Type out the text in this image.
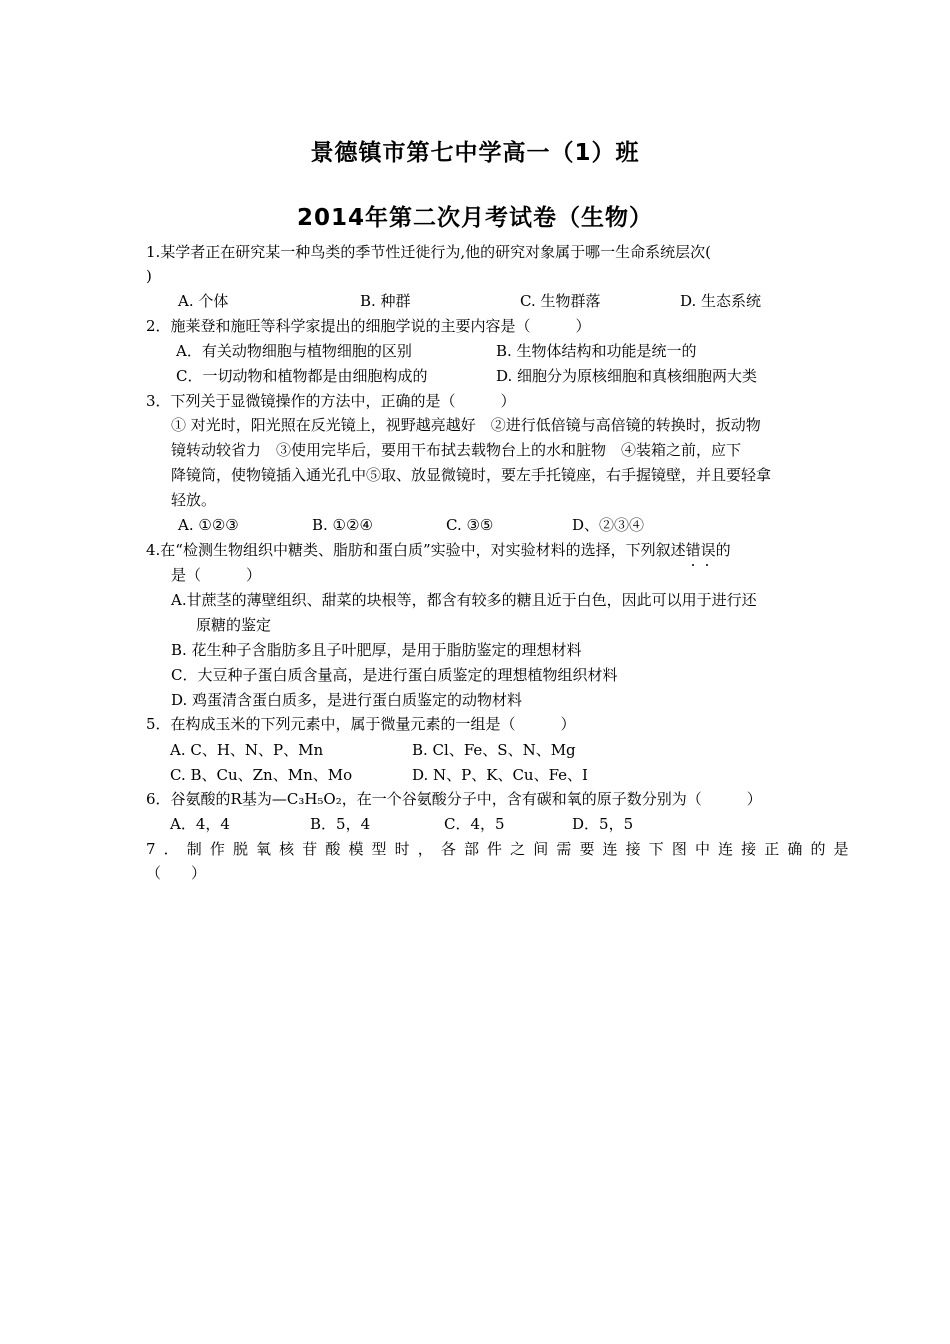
景德镇市第七中学高一（1）班
2014年第二次月考试卷（生物）
1.某学者正在研究某一种鸟类的季节性迁徙行为,他的研究对象属于哪一生命系统层次(
)
A. 个体	B. 种群	C. 生物群落	D. 生态系统
2．施莱登和施旺等科学家提出的细胞学说的主要内容是（　　　）
A．有关动物细胞与植物细胞的区别	B. 生物体结构和功能是统一的
C．一切动物和植物都是由细胞构成的	D. 细胞分为原核细胞和真核细胞两大类
3．下列关于显微镜操作的方法中，正确的是（　　　）
① 对光时，阳光照在反光镜上，视野越亮越好　②进行低倍镜与高倍镜的转换时，扳动物
镜转动较省力　③使用完毕后，要用干布拭去载物台上的水和脏物　④装箱之前，应下
降镜筒，使物镜插入通光孔中⑤取、放显微镜时，要左手托镜座，右手握镜壁，并且要轻拿
轻放。
A. ①②③	B. ①②④	C. ③⑤	D、②③④
4.在“检测生物组织中糖类、脂肪和蛋白质”实验中，对实验材料的选择，下列叙述错误的
是（　　　）
A.甘蔗茎的薄壁组织、甜菜的块根等，都含有较多的糖且近于白色，因此可以用于进行还
原糖的鉴定
B. 花生种子含脂肪多且子叶肥厚，是用于脂肪鉴定的理想材料
C．大豆种子蛋白质含量高，是进行蛋白质鉴定的理想植物组织材料
D. 鸡蛋清含蛋白质多，是进行蛋白质鉴定的动物材料
5．在构成玉米的下列元素中，属于微量元素的一组是（　　　）
A. C、H、N、P、Mn	B. Cl、Fe、S、N、Mg
C. B、Cu、Zn、Mn、Mo	D. N、P、K、Cu、Fe、I
6．谷氨酸的R基为—C₃H₅O₂，在一个谷氨酸分子中，含有碳和氧的原子数分别为（　　　）
A．4，4	B．5，4	C．4，5	D．5，5
7．制作脱氧核苷酸模型时，各部件之间需要连接下图中连接正确的是
（　　）
